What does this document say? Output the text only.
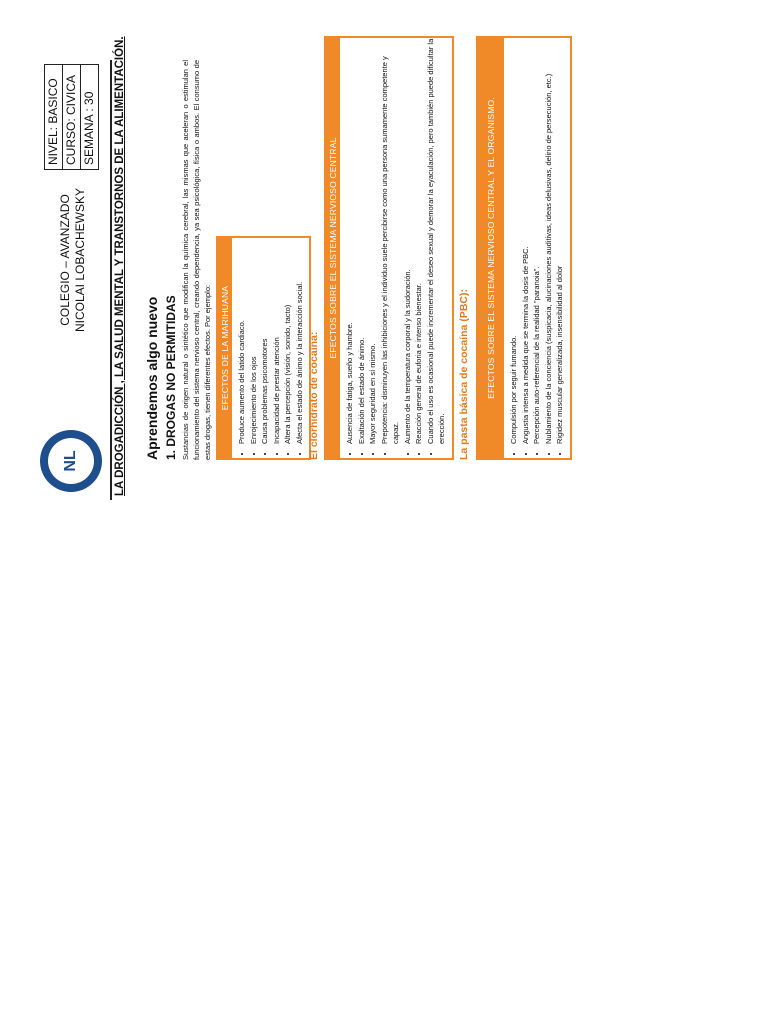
NL
COLEGIO – AVANZADO NICOLAI LOBACHEWSKY
NIVEL: BASICO CURSO: CIVICA SEMANA : 30 LA DROGADICCIÓN , LA SALUD MENTAL Y TRANSTORNOS DE LA ALIMENTACIÓN. Aprendemos algo nuevo 1. DROGAS NO PERMITIDAS Sustancias de origen natural o sintético que modifican la química cerebral, las mismas que aceleran o estimulan el funcionamiento del sistema nervioso central, creando dependencia, ya sea psicológica, física o ambos. El consumo de estas drogas, tienen diferentes efectos. Por ejemplo: EFECTOS DE LA MARIHUANA • Produce aumento del latido cardiaco. • Enrojecimiento de los ojos • Causa problemas psicomotores • Incapacidad de prestar atención • Altera la percepción (visión, sonido, tacto) • Afecta el estado de ánimo y la interacción social. El clorhidrato de cocaína:
EFECTOS SOBRE EL SISTEMA NERVIOSO CENTRAL
• Ausencia de fatiga, sueño y hambre. • Exaltación del estado de ánimo. • Mayor seguridad en sí mismo. • Prepotencia: disminuyen las inhibiciones y el individuo suele percibirse como una persona sumamente competente y capaz. • Aumento de la temperatura corporal y la sudoración. • Reacción general de euforia e intenso bienestar. • Cuando el uso es ocasional puede incrementar el deseo sexual y demorar la eyaculación, pero también puede dificultar la erección. La pasta básica de cocaína (PBC):	EFECTOS SOBRE EL SISTEMA NERVIOSO CENTRAL Y EL ORGANISMO.	• Compulsión por seguir fumando. • Angustia intensa a medida que se termina la dosis de PBC. • Percepción auto-referencial de la realidad "paranoia". • Nublamiento de la conciencia (suspicacia, alucinaciones auditivas, ideas delusivas, delirio de persecución, etc.) • Rigidez muscular generalizada, insensibilidad al dolor
